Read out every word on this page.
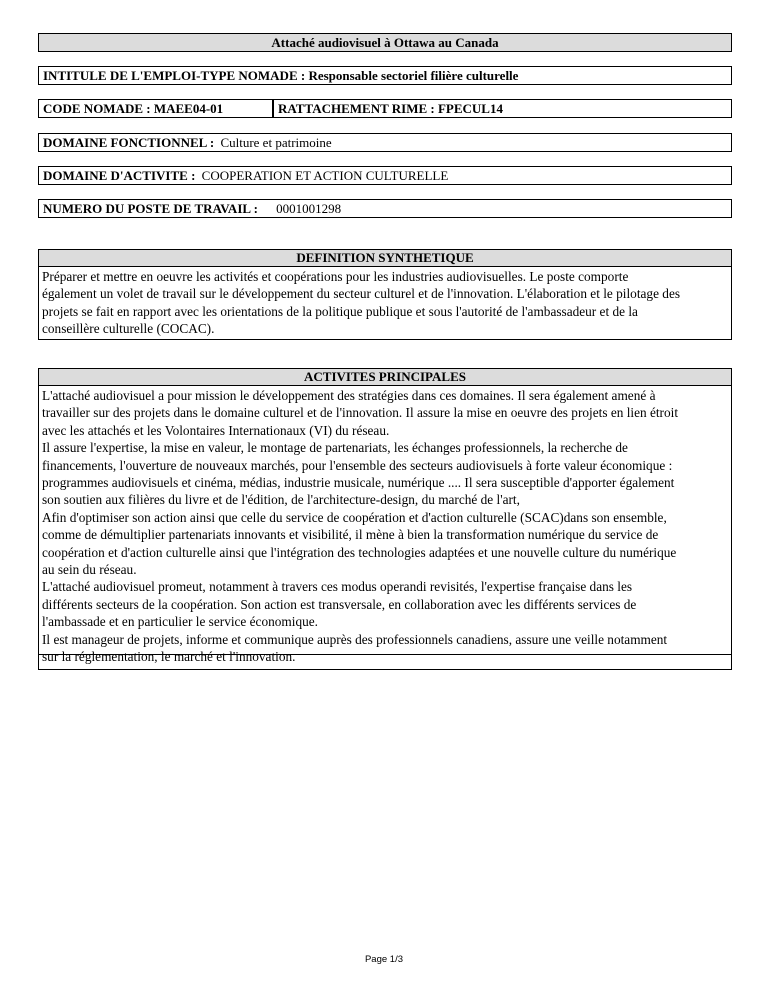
Attaché audiovisuel à Ottawa au Canada
INTITULE DE L'EMPLOI-TYPE NOMADE : Responsable sectoriel filière culturelle
CODE NOMADE : MAEE04-01	RATTACHEMENT RIME : FPECUL14
DOMAINE FONCTIONNEL : Culture et patrimoine
DOMAINE D'ACTIVITE : COOPERATION ET ACTION CULTURELLE
NUMERO DU POSTE DE TRAVAIL : 0001001298
DEFINITION SYNTHETIQUE

Préparer et mettre en oeuvre les activités et coopérations pour les industries audiovisuelles. Le poste comporte

également un volet de travail sur le développement du secteur culturel et de l'innovation. L'élaboration et le pilotage des

projets se fait en rapport avec les orientations de la politique publique et sous l'autorité de l'ambassadeur et de la

conseillère culturelle (COCAC).

ACTIVITES PRINCIPALES

L'attaché audiovisuel a pour mission le développement des stratégies dans ces domaines. Il sera également amené à

travailler sur des projets dans le domaine culturel et de l'innovation. Il assure la mise en oeuvre des projets en lien étroit

avec les attachés et les Volontaires Internationaux (VI) du réseau.

Il assure l'expertise, la mise en valeur, le montage de partenariats, les échanges professionnels, la recherche de

financements, l'ouverture de nouveaux marchés, pour l'ensemble des secteurs audiovisuels à forte valeur économique :

programmes audiovisuels et cinéma, médias, industrie musicale, numérique .... Il sera susceptible d'apporter également

son soutien aux filières du livre et de l'édition, de l'architecture-design, du marché de l'art,

Afin d'optimiser son action ainsi que celle du service de coopération et d'action culturelle (SCAC)dans son ensemble,

comme de démultiplier partenariats innovants et visibilité, il mène à bien la transformation numérique du service de

coopération et d'action culturelle ainsi que l'intégration des technologies adaptées et une nouvelle culture du numérique

au sein du réseau.

L'attaché audiovisuel promeut, notamment à travers ces modus operandi revisités, l'expertise française dans les

différents secteurs de la coopération. Son action est transversale, en collaboration avec les différents services de

l'ambassade et en particulier le service économique.

Il est manageur de projets, informe et communique auprès des professionnels canadiens, assure une veille notamment

sur la réglementation, le marché et l'innovation.

Page 1/3
